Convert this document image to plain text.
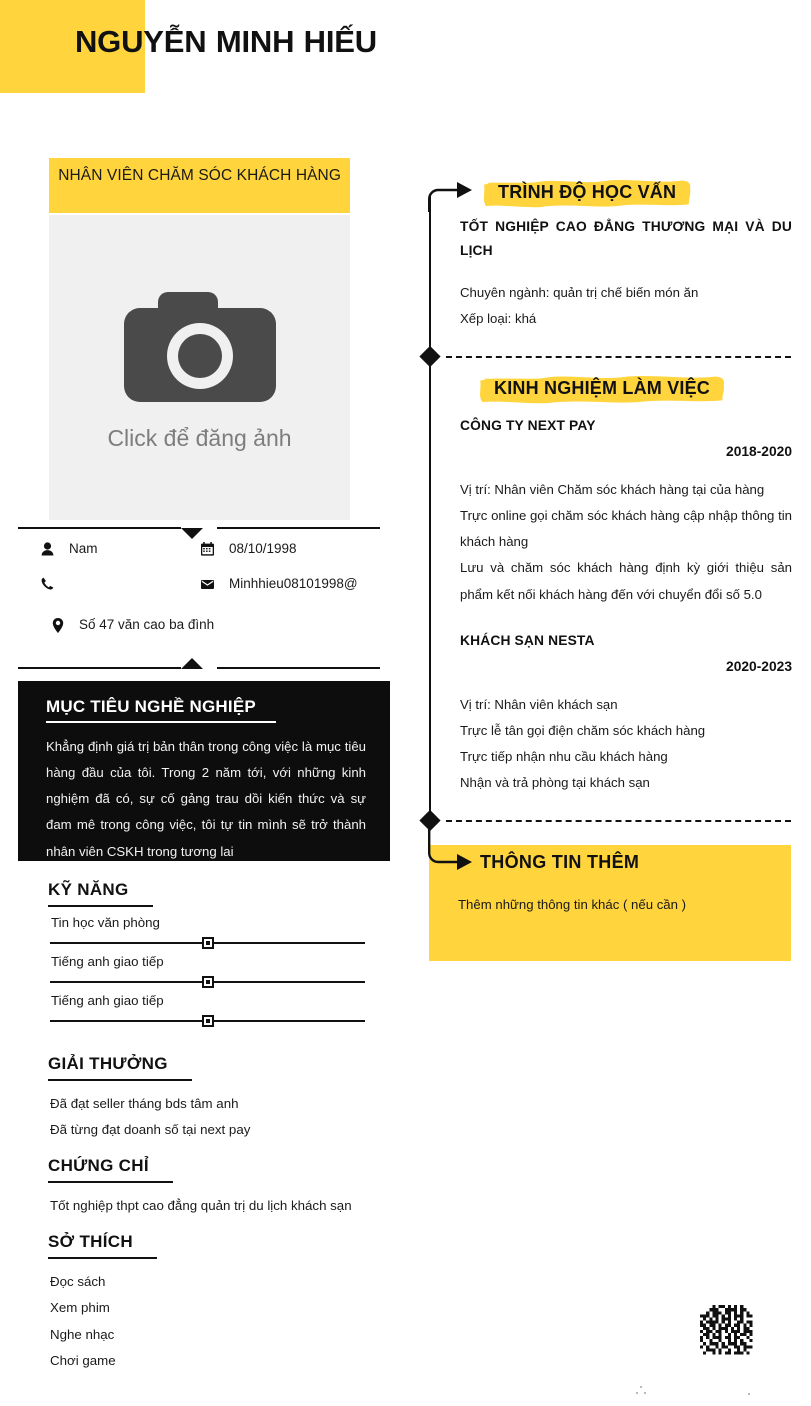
NGUYỄN MINH HIẾU
NHÂN VIÊN CHĂM SÓC KHÁCH HÀNG
Click để đăng ảnh
Nam	08/10/1998
Minhhieu08101998@
Số 47 văn cao ba đình
MỤC TIÊU NGHỀ NGHIỆP
Khẳng định giá trị bản thân trong công việc là mục tiêu hàng đầu của tôi. Trong 2 năm tới, với những kinh nghiệm đã có, sự cố gảng trau dồi kiến thức và sự đam mê trong công việc, tôi tự tin mình sẽ trở thành nhân viên CSKH trong tương lai
KỸ NĂNG
Tin học văn phòng
Tiếng anh giao tiếp
Tiếng anh giao tiếp
GIẢI THƯỞNG
Đã đạt seller tháng bds tâm anh
Đã từng đạt doanh số tại next pay
CHỨNG CHỈ
Tốt nghiệp thpt cao đẳng quản trị du lịch khách sạn
SỞ THÍCH
Đọc sách
Xem phim
Nghe nhạc
Chơi game
TRÌNH ĐỘ HỌC VẤN
TỐT NGHIỆP CAO ĐẲNG THƯƠNG MẠI VÀ DU LỊCH
Chuyên ngành: quản trị chế biến món ăn
Xếp loại: khá
KINH NGHIỆM LÀM VIỆC
CÔNG TY NEXT PAY
2018-2020
Vị trí: Nhân viên Chăm sóc khách hàng tại của hàng
Trực online gọi chăm sóc khách hàng cập nhập thông tin khách hàng
Lưu và chăm sóc khách hàng định kỳ giới thiệu sản phẩm kết nối khách hàng đến với chuyển đổi số 5.0
KHÁCH SẠN NESTA
2020-2023
Vị trí: Nhân viên khách sạn
Trực lễ tân gọi điện chăm sóc khách hàng
Trực tiếp nhận nhu cầu khách hàng
Nhận và trả phòng tại khách sạn
THÔNG TIN THÊM
Thêm những thông tin khác ( nếu cần )
